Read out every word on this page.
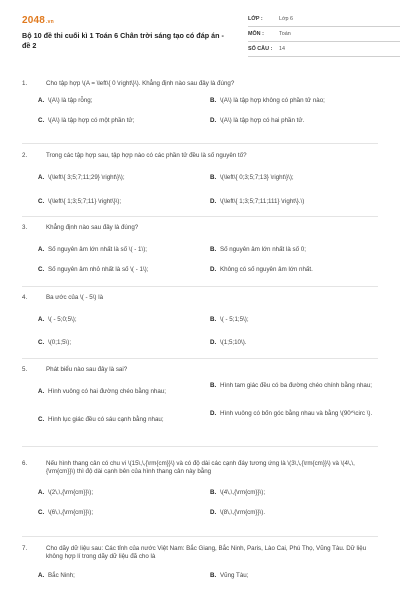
2048.vn
Bộ 10 đề thi cuối kì 1 Toán 6 Chân trời sáng tạo có đáp án - đề 2
LỚP :	Lớp 6
MÔN :	Toán
SỐ CÂU : 14
1.	Cho tập hợp \(A = \left\{ 0 \right\}\). Khẳng định nào sau đây là đúng?
A. \(A\) là tập rỗng;	B. \(A\) là tập hợp không có phần tử nào;
C. \(A\) là tập hợp có một phần tử;	D. \(A\) là tập hợp có hai phần tử.
2.	Trong các tập hợp sau, tập hợp nào có các phần tử đều là số nguyên tố?
A. \(\left\{ 3;5;7;11;29} \right\}\);	B. \(\left\{ 0;3;5;7;13} \right\}\);
C. \(\left\{ 1;3;5;7;11} \right\}\);	D. \(\left\{ 1;3;5;7;11;111} \right\}.\)
3.	Khẳng định nào sau đây là đúng?
A. Số nguyên âm lớn nhất là số \( - 1\);	B. Số nguyên âm lớn nhất là số 0;
C. Số nguyên âm nhỏ nhất là số \( - 1\);	D. Không có số nguyên âm lớn nhất.
4.	Ba ước của \( - 5\) là
A. \( - 5;0;5\);	B. \( - 5;1;5\);
C. \(0;1;5\);	D. \(1;5;10\).
5.	Phát biểu nào sau đây là sai?
A. Hình vuông có hai đường chéo bằng nhau;
B. Hình tam giác đều có ba đường chéo chính bằng nhau;
C. Hình lục giác đều có sáu cạnh bằng nhau;
D. Hình vuông có bốn góc bằng nhau và bằng \(90^\circ \).
6.	Nếu hình thang cân có chu vi \(15\,\,{\rm{cm}}\) và có độ dài các cạnh đáy tương ứng là \(3\,\,{\rm{cm}}\) và \(4\,\,{\rm{cm}}\) thì độ dài cạnh bên của hình thang cân này bằng
A. \(2\,\,{\rm{cm}}\);	B. \(4\,\,{\rm{cm}}\);
C. \(6\,\,{\rm{cm}}\);	D. \(8\,\,{\rm{cm}}\).
7.	Cho dãy dữ liệu sau: Các tỉnh của nước Việt Nam: Bắc Giang, Bắc Ninh, Paris, Lào Cai, Phú Thọ, Vũng Tàu. Dữ liệu không hợp lí trong dãy dữ liệu đã cho là
A. Bắc Ninh;	B. Vũng Tàu;
